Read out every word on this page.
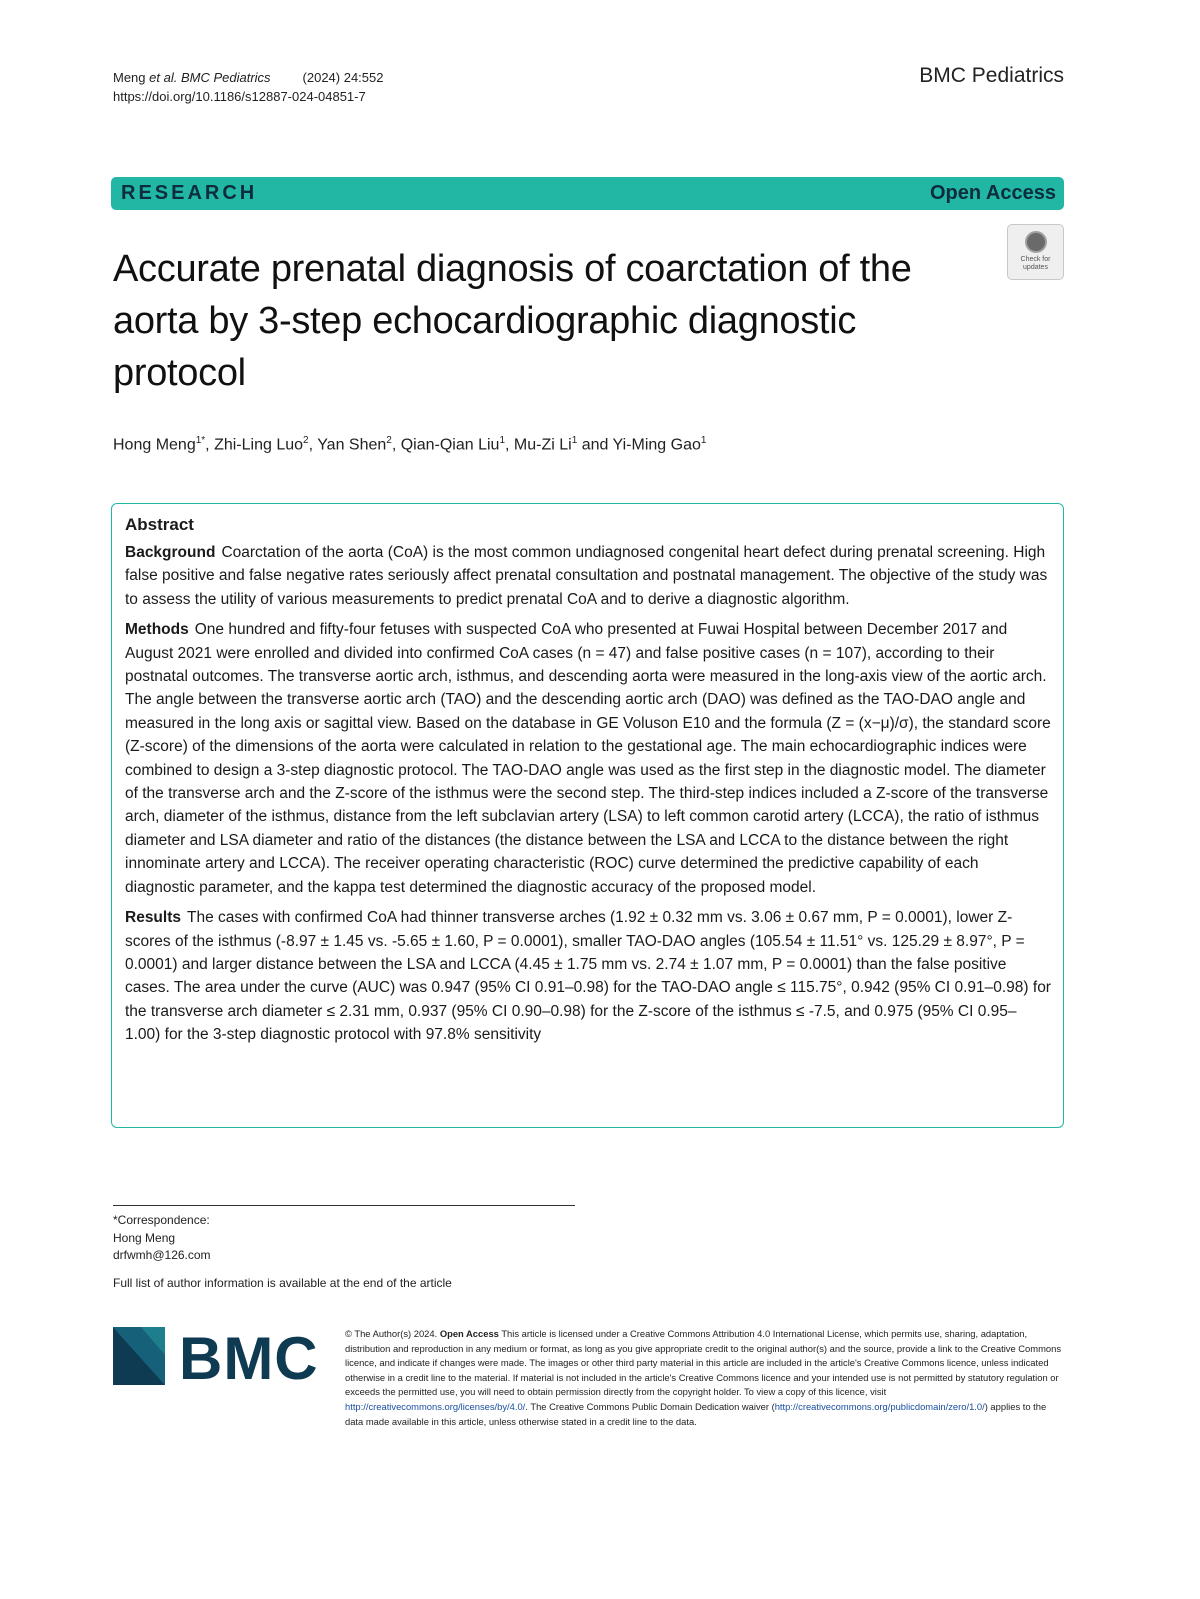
Meng et al. BMC Pediatrics (2024) 24:552
https://doi.org/10.1186/s12887-024-04851-7
BMC Pediatrics
RESEARCH	Open Access
Accurate prenatal diagnosis of coarctation of the aorta by 3-step echocardiographic diagnostic protocol
Check for updates
Hong Meng$^{1*}$, Zhi-Ling Luo$^2$, Yan Shen$^2$, Qian-Qian Liu$^1$, Mu-Zi Li$^1$ and Yi-Ming Gao$^1$
Abstract

Background Coarctation of the aorta (CoA) is the most common undiagnosed congenital heart defect during prenatal screening. High false positive and false negative rates seriously affect prenatal consultation and postnatal management. The objective of the study was to assess the utility of various measurements to predict prenatal CoA and to derive a diagnostic algorithm.

Methods One hundred and fifty-four fetuses with suspected CoA who presented at Fuwai Hospital between December 2017 and August 2021 were enrolled and divided into confirmed CoA cases (n = 47) and false positive cases (n = 107), according to their postnatal outcomes. The transverse aortic arch, isthmus, and descending aorta were measured in the long-axis view of the aortic arch. The angle between the transverse aortic arch (TAO) and the descending aortic arch (DAO) was defined as the TAO-DAO angle and measured in the long axis or sagittal view. Based on the database in GE Voluson E10 and the formula (Z = (x−μ)/σ), the standard score (Z-score) of the dimensions of the aorta were calculated in relation to the gestational age. The main echocardiographic indices were combined to design a 3-step diagnostic protocol. The TAO-DAO angle was used as the first step in the diagnostic model. The diameter of the transverse arch and the Z-score of the isthmus were the second step. The third-step indices included a Z-score of the transverse arch, diameter of the isthmus, distance from the left subclavian artery (LSA) to left common carotid artery (LCCA), the ratio of isthmus diameter and LSA diameter and ratio of the distances (the distance between the LSA and LCCA to the distance between the right innominate artery and LCCA). The receiver operating characteristic (ROC) curve determined the predictive capability of each diagnostic parameter, and the kappa test determined the diagnostic accuracy of the proposed model.

Results The cases with confirmed CoA had thinner transverse arches (1.92 ± 0.32 mm vs. 3.06 ± 0.67 mm, P = 0.0001), lower Z-scores of the isthmus (-8.97 ± 1.45 vs. -5.65 ± 1.60, P = 0.0001), smaller TAO-DAO angles (105.54 ± 11.51° vs. 125.29 ± 8.97°, P = 0.0001) and larger distance between the LSA and LCCA (4.45 ± 1.75 mm vs. 2.74 ± 1.07 mm, P = 0.0001) than the false positive cases. The area under the curve (AUC) was 0.947 (95% CI 0.91–0.98) for the TAO-DAO angle ≤ 115.75°, 0.942 (95% CI 0.91–0.98) for the transverse arch diameter ≤ 2.31 mm, 0.937 (95% CI 0.90–0.98) for the Z-score of the isthmus ≤ -7.5, and 0.975 (95% CI 0.95–1.00) for the 3-step diagnostic protocol with 97.8% sensitivity

*Correspondence:
Hong Meng
drfwmh@126.com
Full list of author information is available at the end of the article
BMC	© The Author(s) 2024. Open Access This article is licensed under a Creative Commons Attribution 4.0 International License, which permits use, sharing, adaptation, distribution and reproduction in any medium or format, as long as you give appropriate credit to the original author(s) and the source, provide a link to the Creative Commons licence, and indicate if changes were made. The images or other third party material in this article are included in the article's Creative Commons licence, unless indicated otherwise in a credit line to the material. If material is not included in the article's Creative Commons licence and your intended use is not permitted by statutory regulation or exceeds the permitted use, you will need to obtain permission directly from the copyright holder. To view a copy of this licence, visit http://creativecommons.org/licenses/by/4.0/. The Creative Commons Public Domain Dedication waiver (http://creativecommons.org/publicdomain/zero/1.0/) applies to the data made available in this article, unless otherwise stated in a credit line to the data.
